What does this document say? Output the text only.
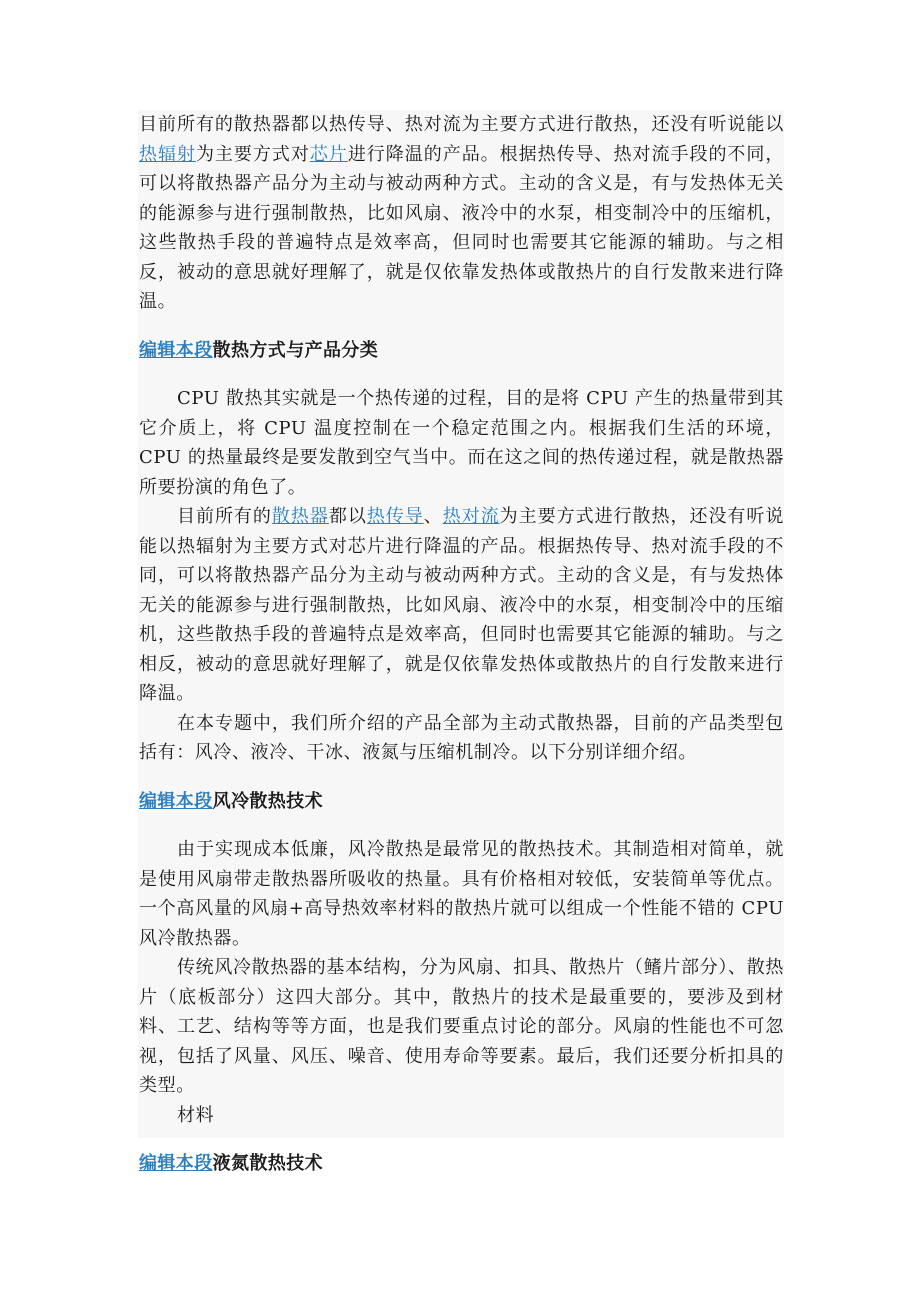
目前所有的散热器都以热传导、热对流为主要方式进行散热，还没有听说能以热辐射为主要方式对芯片进行降温的产品。根据热传导、热对流手段的不同，可以将散热器产品分为主动与被动两种方式。主动的含义是，有与发热体无关的能源参与进行强制散热，比如风扇、液冷中的水泵，相变制冷中的压缩机，这些散热手段的普遍特点是效率高，但同时也需要其它能源的辅助。与之相反，被动的意思就好理解了，就是仅依靠发热体或散热片的自行发散来进行降温。

编辑本段散热方式与产品分类

CPU 散热其实就是一个热传递的过程，目的是将 CPU 产生的热量带到其它介质上，将 CPU 温度控制在一个稳定范围之内。根据我们生活的环境，CPU 的热量最终是要发散到空气当中。而在这之间的热传递过程，就是散热器所要扮演的角色了。

目前所有的散热器都以热传导、热对流为主要方式进行散热，还没有听说能以热辐射为主要方式对芯片进行降温的产品。根据热传导、热对流手段的不同，可以将散热器产品分为主动与被动两种方式。主动的含义是，有与发热体无关的能源参与进行强制散热，比如风扇、液冷中的水泵，相变制冷中的压缩机，这些散热手段的普遍特点是效率高，但同时也需要其它能源的辅助。与之相反，被动的意思就好理解了，就是仅依靠发热体或散热片的自行发散来进行降温。

在本专题中，我们所介绍的产品全部为主动式散热器，目前的产品类型包括有：风冷、液冷、干冰、液氮与压缩机制冷。以下分别详细介绍。

编辑本段风冷散热技术

由于实现成本低廉，风冷散热是最常见的散热技术。其制造相对简单，就是使用风扇带走散热器所吸收的热量。具有价格相对较低，安装简单等优点。一个高风量的风扇+高导热效率材料的散热片就可以组成一个性能不错的 CPU 风冷散热器。

传统风冷散热器的基本结构，分为风扇、扣具、散热片（鳍片部分）、散热片（底板部分）这四大部分。其中，散热片的技术是最重要的，要涉及到材料、工艺、结构等等方面，也是我们要重点讨论的部分。风扇的性能也不可忽视，包括了风量、风压、噪音、使用寿命等要素。最后，我们还要分析扣具的类型。

材料

编辑本段液氮散热技术
